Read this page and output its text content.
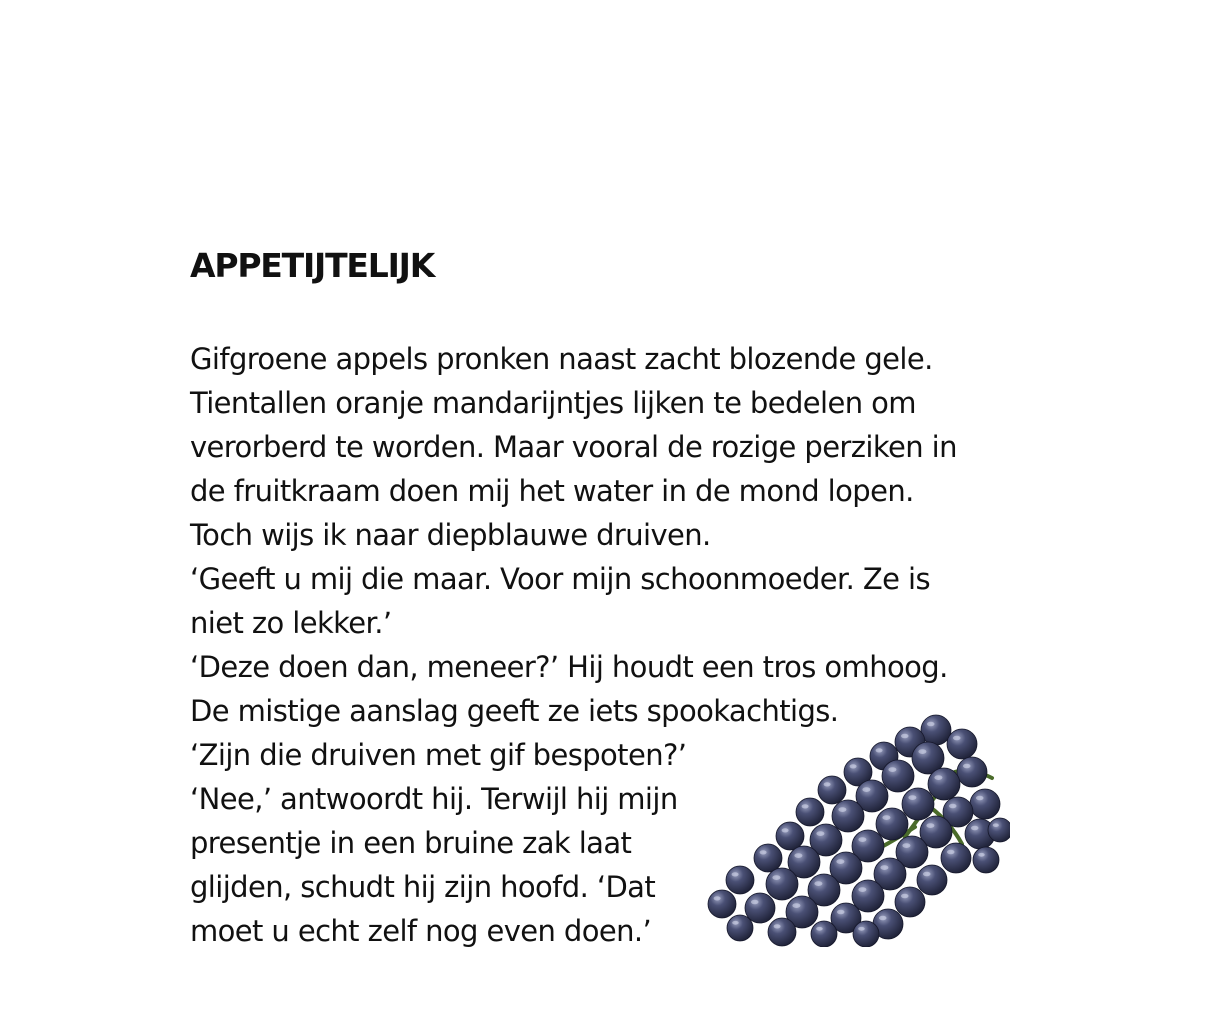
APPETIJTELIJK
Gifgroene appels pronken naast zacht blozende gele.
Tientallen oranje mandarijntjes lijken te bedelen om
verorberd te worden. Maar vooral de rozige perziken in
de fruitkraam doen mij het water in de mond lopen.
Toch wijs ik naar diepblauwe druiven.
‘Geeft u mij die maar. Voor mijn schoonmoeder. Ze is
niet zo lekker.’
‘Deze doen dan, meneer?’ Hij houdt een tros omhoog.
De mistige aanslag geeft ze iets spookachtigs.
‘Zijn die druiven met gif bespoten?’
‘Nee,’ antwoordt hij. Terwijl hij mijn
presentje in een bruine zak laat
glijden, schudt hij zijn hoofd. ‘Dat
moet u echt zelf nog even doen.’
